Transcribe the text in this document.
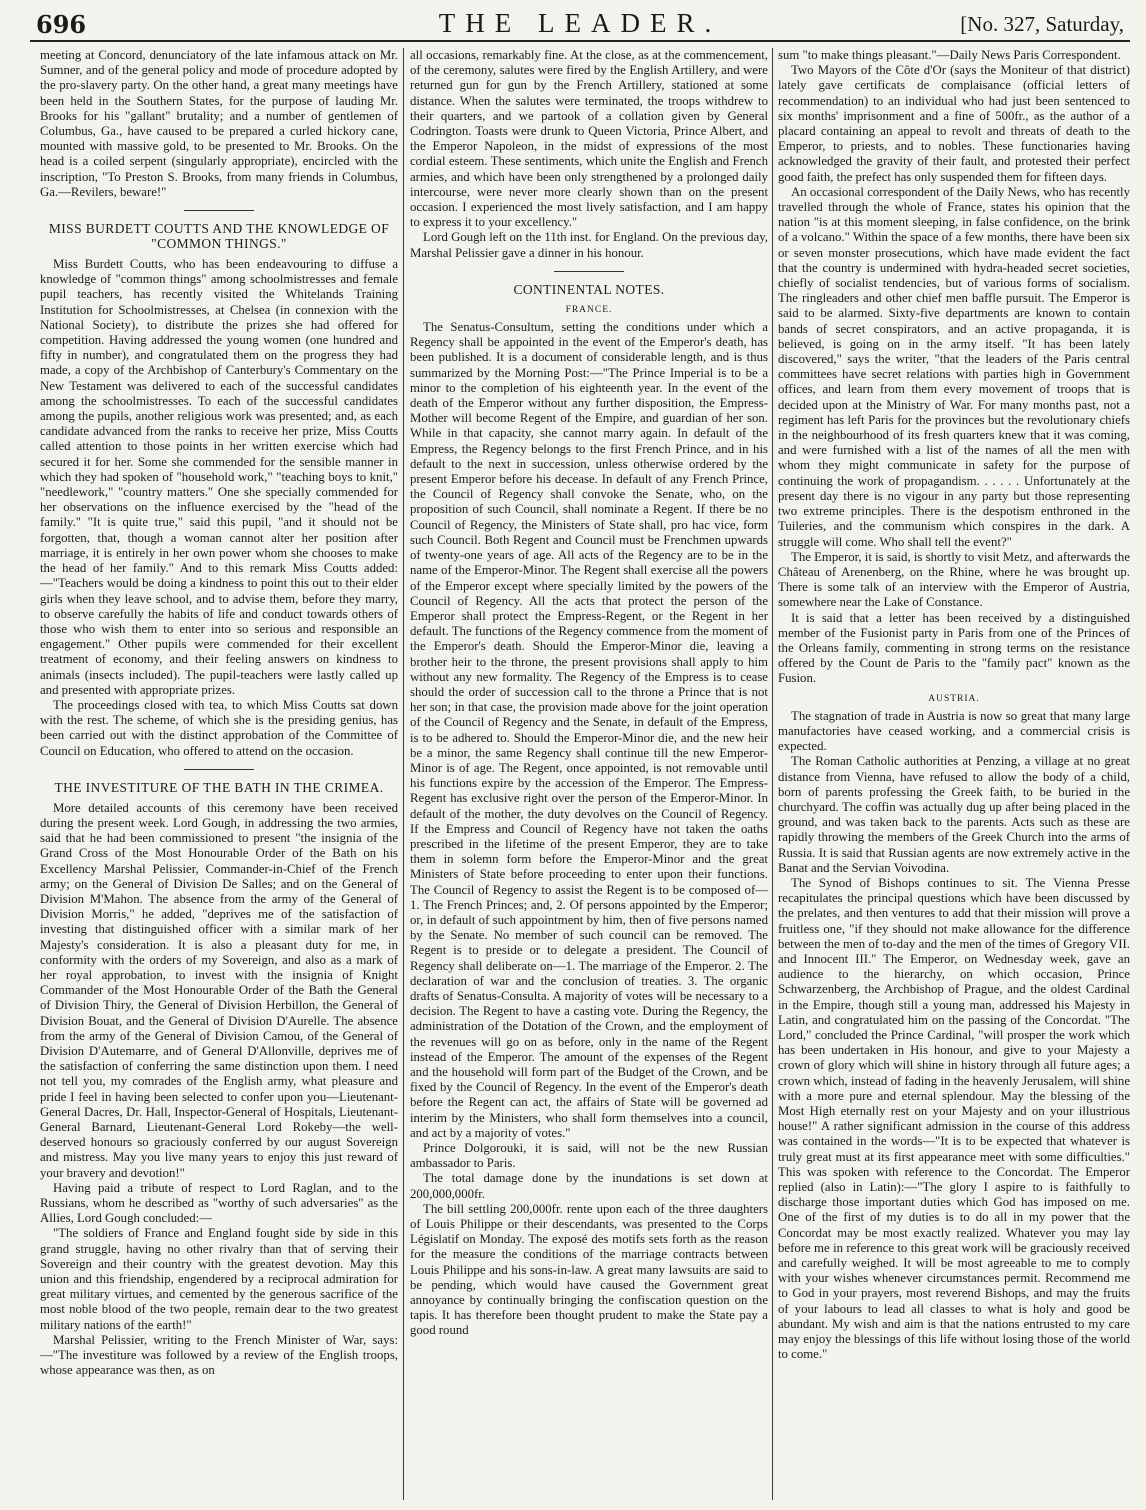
696	THE LEADER.	[No. 327, Saturday,

meeting at Concord, denunciatory of the late infamous attack on Mr. Sumner, and of the general policy and mode of procedure adopted by the pro-slavery party. On the other hand, a great many meetings have been held in the Southern States, for the purpose of lauding Mr. Brooks for his "gallant" brutality; and a number of gentlemen of Columbus, Ga., have caused to be prepared a curled hickory cane, mounted with massive gold, to be presented to Mr. Brooks. On the head is a coiled serpent (singularly appropriate), encircled with the inscription, "To Preston S. Brooks, from many friends in Columbus, Ga.—Revilers, beware!"

MISS BURDETT COUTTS AND THE KNOWLEDGE OF "COMMON THINGS."

Miss Burdett Coutts, who has been endeavouring to diffuse a knowledge of "common things" among schoolmistresses and female pupil teachers, has recently visited the Whitelands Training Institution for Schoolmistresses, at Chelsea (in connexion with the National Society), to distribute the prizes she had offered for competition. Having addressed the young women (one hundred and fifty in number), and congratulated them on the progress they had made, a copy of the Archbishop of Canterbury's Commentary on the New Testament was delivered to each of the successful candidates among the schoolmistresses. To each of the successful candidates among the pupils, another religious work was presented; and, as each candidate advanced from the ranks to receive her prize, Miss Coutts called attention to those points in her written exercise which had secured it for her. Some she commended for the sensible manner in which they had spoken of "household work," "teaching boys to knit," "needlework," "country matters." One she specially commended for her observations on the influence exercised by the "head of the family." "It is quite true," said this pupil, "and it should not be forgotten, that, though a woman cannot alter her position after marriage, it is entirely in her own power whom she chooses to make the head of her family." And to this remark Miss Coutts added:—"Teachers would be doing a kindness to point this out to their elder girls when they leave school, and to advise them, before they marry, to observe carefully the habits of life and conduct towards others of those who wish them to enter into so serious and responsible an engagement." Other pupils were commended for their excellent treatment of economy, and their feeling answers on kindness to animals (insects included). The pupil-teachers were lastly called up and presented with appropriate prizes.

The proceedings closed with tea, to which Miss Coutts sat down with the rest. The scheme, of which she is the presiding genius, has been carried out with the distinct approbation of the Committee of Council on Education, who offered to attend on the occasion.

THE INVESTITURE OF THE BATH IN THE CRIMEA.

More detailed accounts of this ceremony have been received during the present week. Lord Gough, in addressing the two armies, said that he had been commissioned to present "the insignia of the Grand Cross of the Most Honourable Order of the Bath on his Excellency Marshal Pelissier, Commander-in-Chief of the French army; on the General of Division De Salles; and on the General of Division M'Mahon. The absence from the army of the General of Division Morris," he added, "deprives me of the satisfaction of investing that distinguished officer with a similar mark of her Majesty's consideration. It is also a pleasant duty for me, in conformity with the orders of my Sovereign, and also as a mark of her royal approbation, to invest with the insignia of Knight Commander of the Most Honourable Order of the Bath the General of Division Thiry, the General of Division Herbillon, the General of Division Bouat, and the General of Division D'Aurelle. The absence from the army of the General of Division Camou, of the General of Division D'Autemarre, and of General D'Allonville, deprives me of the satisfaction of conferring the same distinction upon them. I need not tell you, my comrades of the English army, what pleasure and pride I feel in having been selected to confer upon you—Lieutenant-General Dacres, Dr. Hall, Inspector-General of Hospitals, Lieutenant-General Barnard, Lieutenant-General Lord Rokeby—the well-deserved honours so graciously conferred by our august Sovereign and mistress. May you live many years to enjoy this just reward of your bravery and devotion!"

Having paid a tribute of respect to Lord Raglan, and to the Russians, whom he described as "worthy of such adversaries" as the Allies, Lord Gough concluded:—

"The soldiers of France and England fought side by side in this grand struggle, having no other rivalry than that of serving their Sovereign and their country with the greatest devotion. May this union and this friendship, engendered by a reciprocal admiration for great military virtues, and cemented by the generous sacrifice of the most noble blood of the two people, remain dear to the two greatest military nations of the earth!"

Marshal Pelissier, writing to the French Minister of War, says:—"The investiture was followed by a review of the English troops, whose appearance was then, as on

all occasions, remarkably fine. At the close, as at the commencement, of the ceremony, salutes were fired by the English Artillery, and were returned gun for gun by the French Artillery, stationed at some distance. When the salutes were terminated, the troops withdrew to their quarters, and we partook of a collation given by General Codrington. Toasts were drunk to Queen Victoria, Prince Albert, and the Emperor Napoleon, in the midst of expressions of the most cordial esteem. These sentiments, which unite the English and French armies, and which have been only strengthened by a prolonged daily intercourse, were never more clearly shown than on the present occasion. I experienced the most lively satisfaction, and I am happy to express it to your excellency."

Lord Gough left on the 11th inst. for England. On the previous day, Marshal Pelissier gave a dinner in his honour.

CONTINENTAL NOTES.
FRANCE.

The Senatus-Consultum, setting the conditions under which a Regency shall be appointed in the event of the Emperor's death, has been published. It is a document of considerable length, and is thus summarized by the Morning Post:—"The Prince Imperial is to be a minor to the completion of his eighteenth year. In the event of the death of the Emperor without any further disposition, the Empress-Mother will become Regent of the Empire, and guardian of her son. While in that capacity, she cannot marry again. In default of the Empress, the Regency belongs to the first French Prince, and in his default to the next in succession, unless otherwise ordered by the present Emperor before his decease. In default of any French Prince, the Council of Regency shall convoke the Senate, who, on the proposition of such Council, shall nominate a Regent. If there be no Council of Regency, the Ministers of State shall, pro hac vice, form such Council. Both Regent and Council must be Frenchmen upwards of twenty-one years of age. All acts of the Regency are to be in the name of the Emperor-Minor. The Regent shall exercise all the powers of the Emperor except where specially limited by the powers of the Council of Regency. All the acts that protect the person of the Emperor shall protect the Empress-Regent, or the Regent in her default. The functions of the Regency commence from the moment of the Emperor's death. Should the Emperor-Minor die, leaving a brother heir to the throne, the present provisions shall apply to him without any new formality. The Regency of the Empress is to cease should the order of succession call to the throne a Prince that is not her son; in that case, the provision made above for the joint operation of the Council of Regency and the Senate, in default of the Empress, is to be adhered to. Should the Emperor-Minor die, and the new heir be a minor, the same Regency shall continue till the new Emperor-Minor is of age. The Regent, once appointed, is not removable until his functions expire by the accession of the Emperor. The Empress-Regent has exclusive right over the person of the Emperor-Minor. In default of the mother, the duty devolves on the Council of Regency. If the Empress and Council of Regency have not taken the oaths prescribed in the lifetime of the present Emperor, they are to take them in solemn form before the Emperor-Minor and the great Ministers of State before proceeding to enter upon their functions. The Council of Regency to assist the Regent is to be composed of—1. The French Princes; and, 2. Of persons appointed by the Emperor; or, in default of such appointment by him, then of five persons named by the Senate. No member of such council can be removed. The Regent is to preside or to delegate a president. The Council of Regency shall deliberate on—1. The marriage of the Emperor. 2. The declaration of war and the conclusion of treaties. 3. The organic drafts of Senatus-Consulta. A majority of votes will be necessary to a decision. The Regent to have a casting vote. During the Regency, the administration of the Dotation of the Crown, and the employment of the revenues will go on as before, only in the name of the Regent instead of the Emperor. The amount of the expenses of the Regent and the household will form part of the Budget of the Crown, and be fixed by the Council of Regency. In the event of the Emperor's death before the Regent can act, the affairs of State will be governed ad interim by the Ministers, who shall form themselves into a council, and act by a majority of votes."

Prince Dolgorouki, it is said, will not be the new Russian ambassador to Paris.

The total damage done by the inundations is set down at 200,000,000fr.

The bill settling 200,000fr. rente upon each of the three daughters of Louis Philippe or their descendants, was presented to the Corps Législatif on Monday. The exposé des motifs sets forth as the reason for the measure the conditions of the marriage contracts between Louis Philippe and his sons-in-law. A great many lawsuits are said to be pending, which would have caused the Government great annoyance by continually bringing the confiscation question on the tapis. It has therefore been thought prudent to make the State pay a good round

sum "to make things pleasant."—Daily News Paris Correspondent.

Two Mayors of the Côte d'Or (says the Moniteur of that district) lately gave certificats de complaisance (official letters of recommendation) to an individual who had just been sentenced to six months' imprisonment and a fine of 500fr., as the author of a placard containing an appeal to revolt and threats of death to the Emperor, to priests, and to nobles. These functionaries having acknowledged the gravity of their fault, and protested their perfect good faith, the prefect has only suspended them for fifteen days.

An occasional correspondent of the Daily News, who has recently travelled through the whole of France, states his opinion that the nation "is at this moment sleeping, in false confidence, on the brink of a volcano." Within the space of a few months, there have been six or seven monster prosecutions, which have made evident the fact that the country is undermined with hydra-headed secret societies, chiefly of socialist tendencies, but of various forms of socialism. The ringleaders and other chief men baffle pursuit. The Emperor is said to be alarmed. Sixty-five departments are known to contain bands of secret conspirators, and an active propaganda, it is believed, is going on in the army itself. "It has been lately discovered," says the writer, "that the leaders of the Paris central committees have secret relations with parties high in Government offices, and learn from them every movement of troops that is decided upon at the Ministry of War. For many months past, not a regiment has left Paris for the provinces but the revolutionary chiefs in the neighbourhood of its fresh quarters knew that it was coming, and were furnished with a list of the names of all the men with whom they might communicate in safety for the purpose of continuing the work of propagandism. . . . . . Unfortunately at the present day there is no vigour in any party but those representing two extreme principles. There is the despotism enthroned in the Tuileries, and the communism which conspires in the dark. A struggle will come. Who shall tell the event?"

The Emperor, it is said, is shortly to visit Metz, and afterwards the Château of Arenenberg, on the Rhine, where he was brought up. There is some talk of an interview with the Emperor of Austria, somewhere near the Lake of Constance.

It is said that a letter has been received by a distinguished member of the Fusionist party in Paris from one of the Princes of the Orleans family, commenting in strong terms on the resistance offered by the Count de Paris to the "family pact" known as the Fusion.

AUSTRIA.

The stagnation of trade in Austria is now so great that many large manufactories have ceased working, and a commercial crisis is expected.

The Roman Catholic authorities at Penzing, a village at no great distance from Vienna, have refused to allow the body of a child, born of parents professing the Greek faith, to be buried in the churchyard. The coffin was actually dug up after being placed in the ground, and was taken back to the parents. Acts such as these are rapidly throwing the members of the Greek Church into the arms of Russia. It is said that Russian agents are now extremely active in the Banat and the Servian Voivodina.

The Synod of Bishops continues to sit. The Vienna Presse recapitulates the principal questions which have been discussed by the prelates, and then ventures to add that their mission will prove a fruitless one, "if they should not make allowance for the difference between the men of to-day and the men of the times of Gregory VII. and Innocent III." The Emperor, on Wednesday week, gave an audience to the hierarchy, on which occasion, Prince Schwarzenberg, the Archbishop of Prague, and the oldest Cardinal in the Empire, though still a young man, addressed his Majesty in Latin, and congratulated him on the passing of the Concordat. "The Lord," concluded the Prince Cardinal, "will prosper the work which has been undertaken in His honour, and give to your Majesty a crown of glory which will shine in history through all future ages; a crown which, instead of fading in the heavenly Jerusalem, will shine with a more pure and eternal splendour. May the blessing of the Most High eternally rest on your Majesty and on your illustrious house!" A rather significant admission in the course of this address was contained in the words—"It is to be expected that whatever is truly great must at its first appearance meet with some difficulties." This was spoken with reference to the Concordat. The Emperor replied (also in Latin):—"The glory I aspire to is faithfully to discharge those important duties which God has imposed on me. One of the first of my duties is to do all in my power that the Concordat may be most exactly realized. Whatever you may lay before me in reference to this great work will be graciously received and carefully weighed. It will be most agreeable to me to comply with your wishes whenever circumstances permit. Recommend me to God in your prayers, most reverend Bishops, and may the fruits of your labours to lead all classes to what is holy and good be abundant. My wish and aim is that the nations entrusted to my care may enjoy the blessings of this life without losing those of the world to come."
